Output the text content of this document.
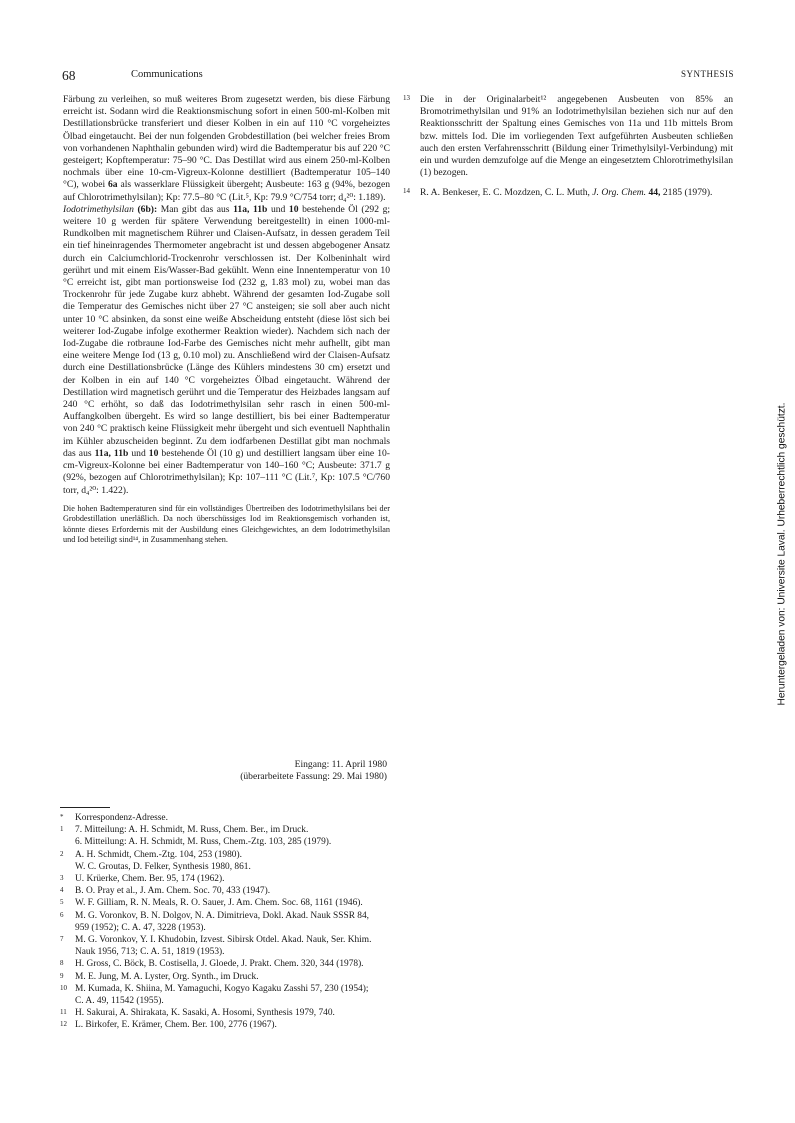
68	Communications	SYNTHESIS

Färbung zu verleihen, so muß weiteres Brom zugesetzt werden, bis diese Färbung erreicht ist. Sodann wird die Reaktionsmischung sofort in einen 500-ml-Kolben mit Destillationsbrücke transferiert und dieser Kolben in ein auf 110 °C vorgeheiztes Ölbad eingetaucht. Bei der nun folgenden Grobdestillation (bei welcher freies Brom von vorhandenen Naphthalin gebunden wird) wird die Badtemperatur bis auf 220 °C gesteigert; Kopftemperatur: 75–90 °C. Das Destillat wird aus einem 250-ml-Kolben nochmals über eine 10-cm-Vigreux-Kolonne destilliert (Badtemperatur 105–140 °C), wobei 6a als wasserklare Flüssigkeit übergeht; Ausbeute: 163 g (94%, bezogen auf Chlorotrimethylsilan); Kp: 77.5–80 °C (Lit.⁵, Kp: 79.9 °C/754 torr; d₄²⁰: 1.189).

Iodotrimethylsilan (6b): Man gibt das aus 11a, 11b und 10 bestehende Öl (292 g; weitere 10 g werden für spätere Verwendung bereitgestellt) in einen 1000-ml-Rundkolben mit magnetischem Rührer und Claisen-Aufsatz, in dessen geradem Teil ein tief hineinragendes Thermometer angebracht ist und dessen abgebogener Ansatz durch ein Calciumchlorid-Trockenrohr verschlossen ist. Der Kolbeninhalt wird gerührt und mit einem Eis/Wasser-Bad gekühlt. Wenn eine Innentemperatur von 10 °C erreicht ist, gibt man portionsweise Iod (232 g, 1.83 mol) zu, wobei man das Trockenrohr für jede Zugabe kurz abhebt. Während der gesamten Iod-Zugabe soll die Temperatur des Gemisches nicht über 27 °C ansteigen; sie soll aber auch nicht unter 10 °C absinken, da sonst eine weiße Abscheidung entsteht (diese löst sich bei weiterer Iod-Zugabe infolge exothermer Reaktion wieder). Nachdem sich nach der Iod-Zugabe die rotbraune Iod-Farbe des Gemisches nicht mehr aufhellt, gibt man eine weitere Menge Iod (13 g, 0.10 mol) zu. Anschließend wird der Claisen-Aufsatz durch eine Destillationsbrücke (Länge des Kühlers mindestens 30 cm) ersetzt und der Kolben in ein auf 140 °C vorgeheiztes Ölbad eingetaucht. Während der Destillation wird magnetisch gerührt und die Temperatur des Heizbades langsam auf 240 °C erhöht, so daß das Iodotrimethylsilan sehr rasch in einen 500-ml-Auffangkolben übergeht. Es wird so lange destilliert, bis bei einer Badtemperatur von 240 °C praktisch keine Flüssigkeit mehr übergeht und sich eventuell Naphthalin im Kühler abzuscheiden beginnt. Zu dem iodfarbenen Destillat gibt man nochmals das aus 11a, 11b und 10 bestehende Öl (10 g) und destilliert langsam über eine 10-cm-Vigreux-Kolonne bei einer Badtemperatur von 140–160 °C; Ausbeute: 371.7 g (92%, bezogen auf Chlorotrimethylsilan); Kp: 107–111 °C (Lit.⁷, Kp: 107.5 °C/760 torr, d₄²⁰: 1.422).

Die hohen Badtemperaturen sind für ein vollständiges Übertreiben des Iodotrimethylsilans bei der Grobdestillation unerläßlich. Da noch überschüssiges Iod im Reaktionsgemisch vorhanden ist, könnte dieses Erfordernis mit der Ausbildung eines Gleichgewichtes, an dem Iodotrimethylsilan und Iod beteiligt sind¹⁴, in Zusammenhang stehen.

Eingang: 11. April 1980
(überarbeitete Fassung: 29. Mai 1980)

13 Die in der Originalarbeit¹² angegebenen Ausbeuten von 85% an Bromotrimethylsilan und 91% an Iodotrimethylsilan beziehen sich nur auf den Reaktionsschritt der Spaltung eines Gemisches von 11a und 11b mittels Brom bzw. mittels Iod. Die im vorliegenden Text aufgeführten Ausbeuten schließen auch den ersten Verfahrensschritt (Bildung einer Trimethylsilyl-Verbindung) mit ein und wurden demzufolge auf die Menge an eingesetztem Chlorotrimethylsilan (1) bezogen.

14 R. A. Benkeser, E. C. Mozdzen, C. L. Muth, J. Org. Chem. 44, 2185 (1979).

* Korrespondenz-Adresse.
1 7. Mitteilung: A. H. Schmidt, M. Russ, Chem. Ber., im Druck.
6. Mitteilung: A. H. Schmidt, M. Russ, Chem.-Ztg. 103, 285 (1979).
2 A. H. Schmidt, Chem.-Ztg. 104, 253 (1980).
W. C. Groutas, D. Felker, Synthesis 1980, 861.
3 U. Krüerke, Chem. Ber. 95, 174 (1962).
4 B. O. Pray et al., J. Am. Chem. Soc. 70, 433 (1947).
5 W. F. Gilliam, R. N. Meals, R. O. Sauer, J. Am. Chem. Soc. 68, 1161 (1946).
6 M. G. Voronkov, B. N. Dolgov, N. A. Dimitrieva, Dokl. Akad. Nauk SSSR 84, 959 (1952); C. A. 47, 3228 (1953).
7 M. G. Voronkov, Y. I. Khudobin, Izvest. Sibirsk Otdel. Akad. Nauk, Ser. Khim. Nauk 1956, 713; C. A. 51, 1819 (1953).
8 H. Gross, C. Böck, B. Costisella, J. Gloede, J. Prakt. Chem. 320, 344 (1978).
9 M. E. Jung, M. A. Lyster, Org. Synth., im Druck.
10 M. Kumada, K. Shiina, M. Yamaguchi, Kogyo Kagaku Zasshi 57, 230 (1954); C. A. 49, 11542 (1955).
11 H. Sakurai, A. Shirakata, K. Sasaki, A. Hosomi, Synthesis 1979, 740.
12 L. Birkofer, E. Krämer, Chem. Ber. 100, 2776 (1967).
Heruntergeladen von: Universite Laval. Urheberrechtlich geschützt.
